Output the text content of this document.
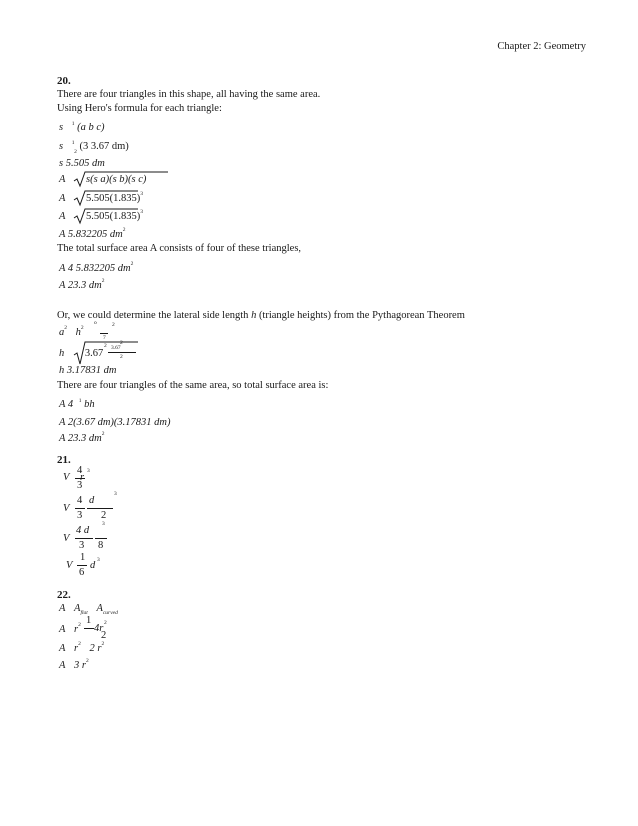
Chapter 2: Geometry
20.
There are four triangles in this shape, all having the same area.
Using Hero's formula for each triangle:
s $^1$ (a b c)
s $^1$ $_2$ (3 3.67 dm)
s 5.505 dm
A s(s a)(s b)(s c)
A $5.505(1.835)^3$
A $5.505(1.835)^3$
A 5.832205 $dm^2$
The total surface area A consists of four of these triangles,
A 4 5.832205 $dm^2$
A 23.3 $dm^2$
Or, we could determine the lateral side length h (triangle heights) from the Pythagorean Theorem
$a^2$ $h^2$
o	2
7
h 3.67
2 3.67
2
2
h 3.17831 dm
There are four triangles of the same area, so total surface area is:
A 4 $^1$ bh
A 2(3.67 dm)(3.17831 dm)
A 23.3 $dm^2$
21.
V
4
3
r
3
V
4
3
d
2
3
V
4 d
3
3
8
V
1
6
d 3
22.
A $A_{flat}$ $A_{curved}$
A $r^2$ 1
2
4r 2
A $r^2$ 2 $r^2$
A 3 $r^2$
